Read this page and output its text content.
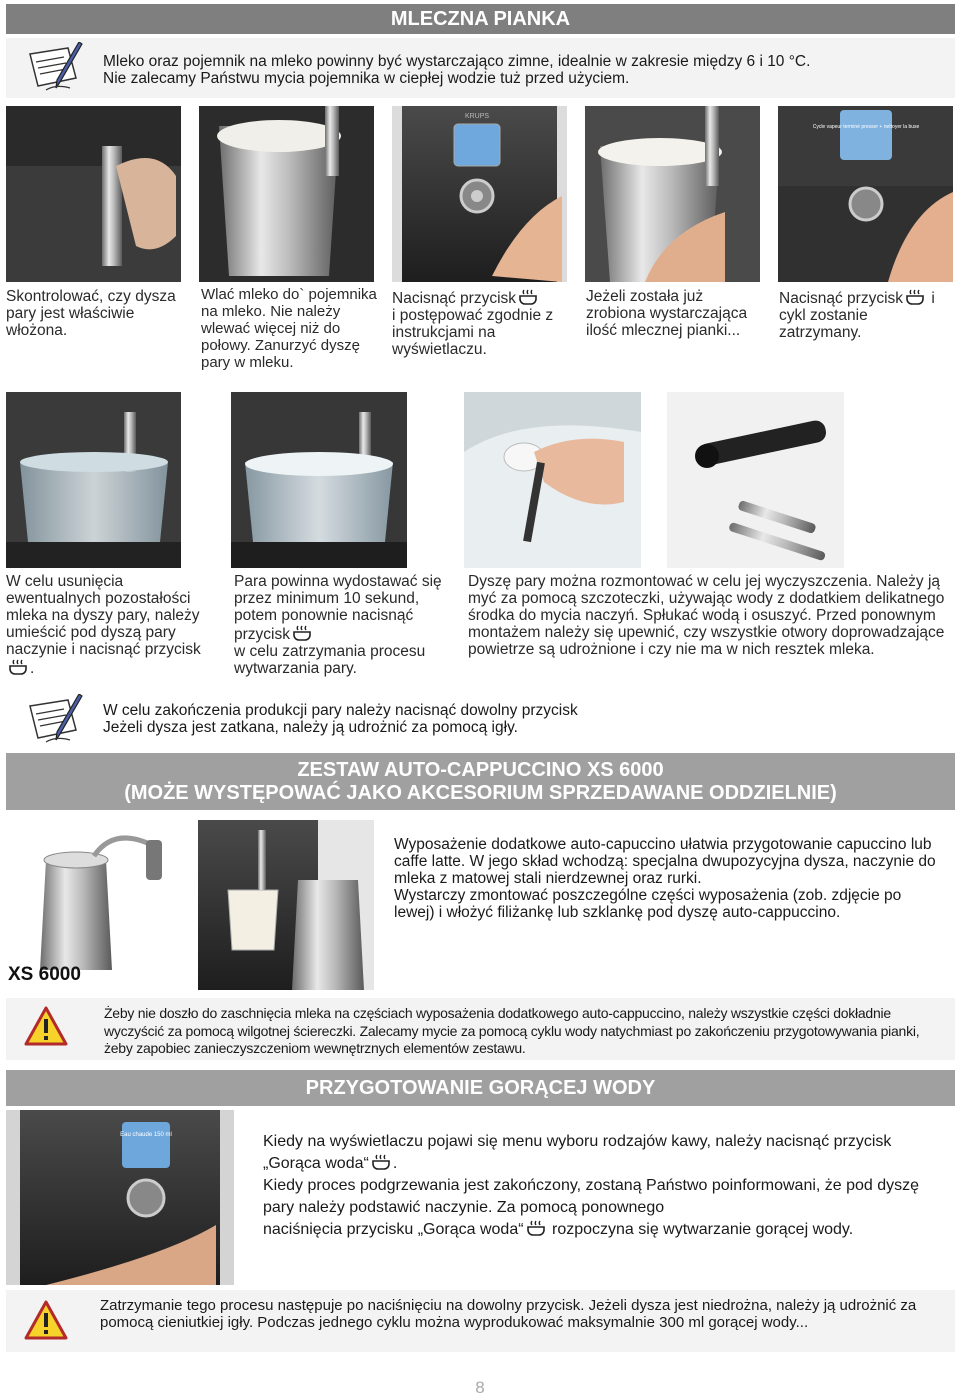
MLECZNA PIANKA

Mleko oraz pojemnik na mleko powinny być wystarczająco zimne, idealnie w zakresie między 6 i 10 °C.

Nie zalecamy Państwu mycia pojemnika w ciepłej wodzie tuż przed użyciem.

KRUPS
Cycle vapeur terminé presser + nettoyer la buse
Skontrolować, czy dysza pary jest właściwie włożona.
Wlać mleko do` pojemnika na mleko. Nie należy wlewać więcej niż do połowy. Zanurzyć dyszę pary w mleku.
Nacisnąć przycisk
i postępować zgodnie z instrukcjami na wyświetlaczu.
Jeżeli została już zrobiona wystarczająca ilość mlecznej pianki...
Nacisnąć przycisk i cykl zostanie zatrzymany.
W celu usunięcia ewentualnych pozostałości mleka na dyszy pary, należy umieścić pod dyszą pary naczynie i nacisnąć przycisk .
Para powinna wydostawać się przez minimum 10 sekund, potem ponownie nacisnąć przycisk
w celu zatrzymania procesu wytwarzania pary.
Dyszę pary można rozmontować w celu jej wyczyszczenia. Należy ją myć za pomocą szczoteczki, używając wody z dodatkiem delikatnego środka do mycia naczyń. Spłukać wodą i osuszyć. Przed ponownym montażem należy się upewnić, czy wszystkie otwory doprowadzające powietrze są udrożnione i czy nie ma w nich resztek mleka.

W celu zakończenia produkcji pary należy nacisnąć dowolny przycisk

Jeżeli dysza jest zatkana, należy ją udrożnić za pomocą igły.

ZESTAW AUTO-CAPPUCCINO XS 6000
(MOŻE WYSTĘPOWAĆ JAKO AKCESORIUM SPRZEDAWANE ODDZIELNIE)
XS 6000

Wyposażenie dodatkowe auto-capuccino ułatwia przygotowanie capuccino lub caffe latte. W jego skład wchodzą: specjalna dwupozycyjna dysza, naczynie do mleka z matowej stali nierdzewnej oraz rurki.

Wystarczy zmontować poszczególne części wyposażenia (zob. zdjęcie po lewej) i włożyć filiżankę lub szklankę pod dyszę auto-cappuccino.

Żeby nie doszło do zaschnięcia mleka na częściach wyposażenia dodatkowego auto-cappuccino, należy wszystkie części dokładnie wyczyścić za pomocą wilgotnej ściereczki. Zalecamy mycie za pomocą cyklu wody natychmiast po zakończeniu przygotowywania pianki, żeby zapobiec zanieczyszczeniom wewnętrznych elementów zestawu.
PRZYGOTOWANIE GORĄCEJ WODY
Eau chaude 150 ml	Kiedy na wyświetlaczu pojawi się menu wyboru rodzajów kawy, należy nacisnąć przycisk „Gorąca woda“ .

Kiedy proces podgrzewania jest zakończony, zostaną Państwo poinformowani, że pod dyszę pary należy podstawić naczynie. Za pomocą ponownego

naciśnięcia przycisku „Gorąca woda“ rozpoczyna się wytwarzanie gorącej wody.

Zatrzymanie tego procesu następuje po naciśnięciu na dowolny przycisk. Jeżeli dysza jest niedrożna, należy ją udrożnić za pomocą cieniutkiej igły. Podczas jednego cyklu można wyprodukować maksymalnie 300 ml gorącej wody...
8
